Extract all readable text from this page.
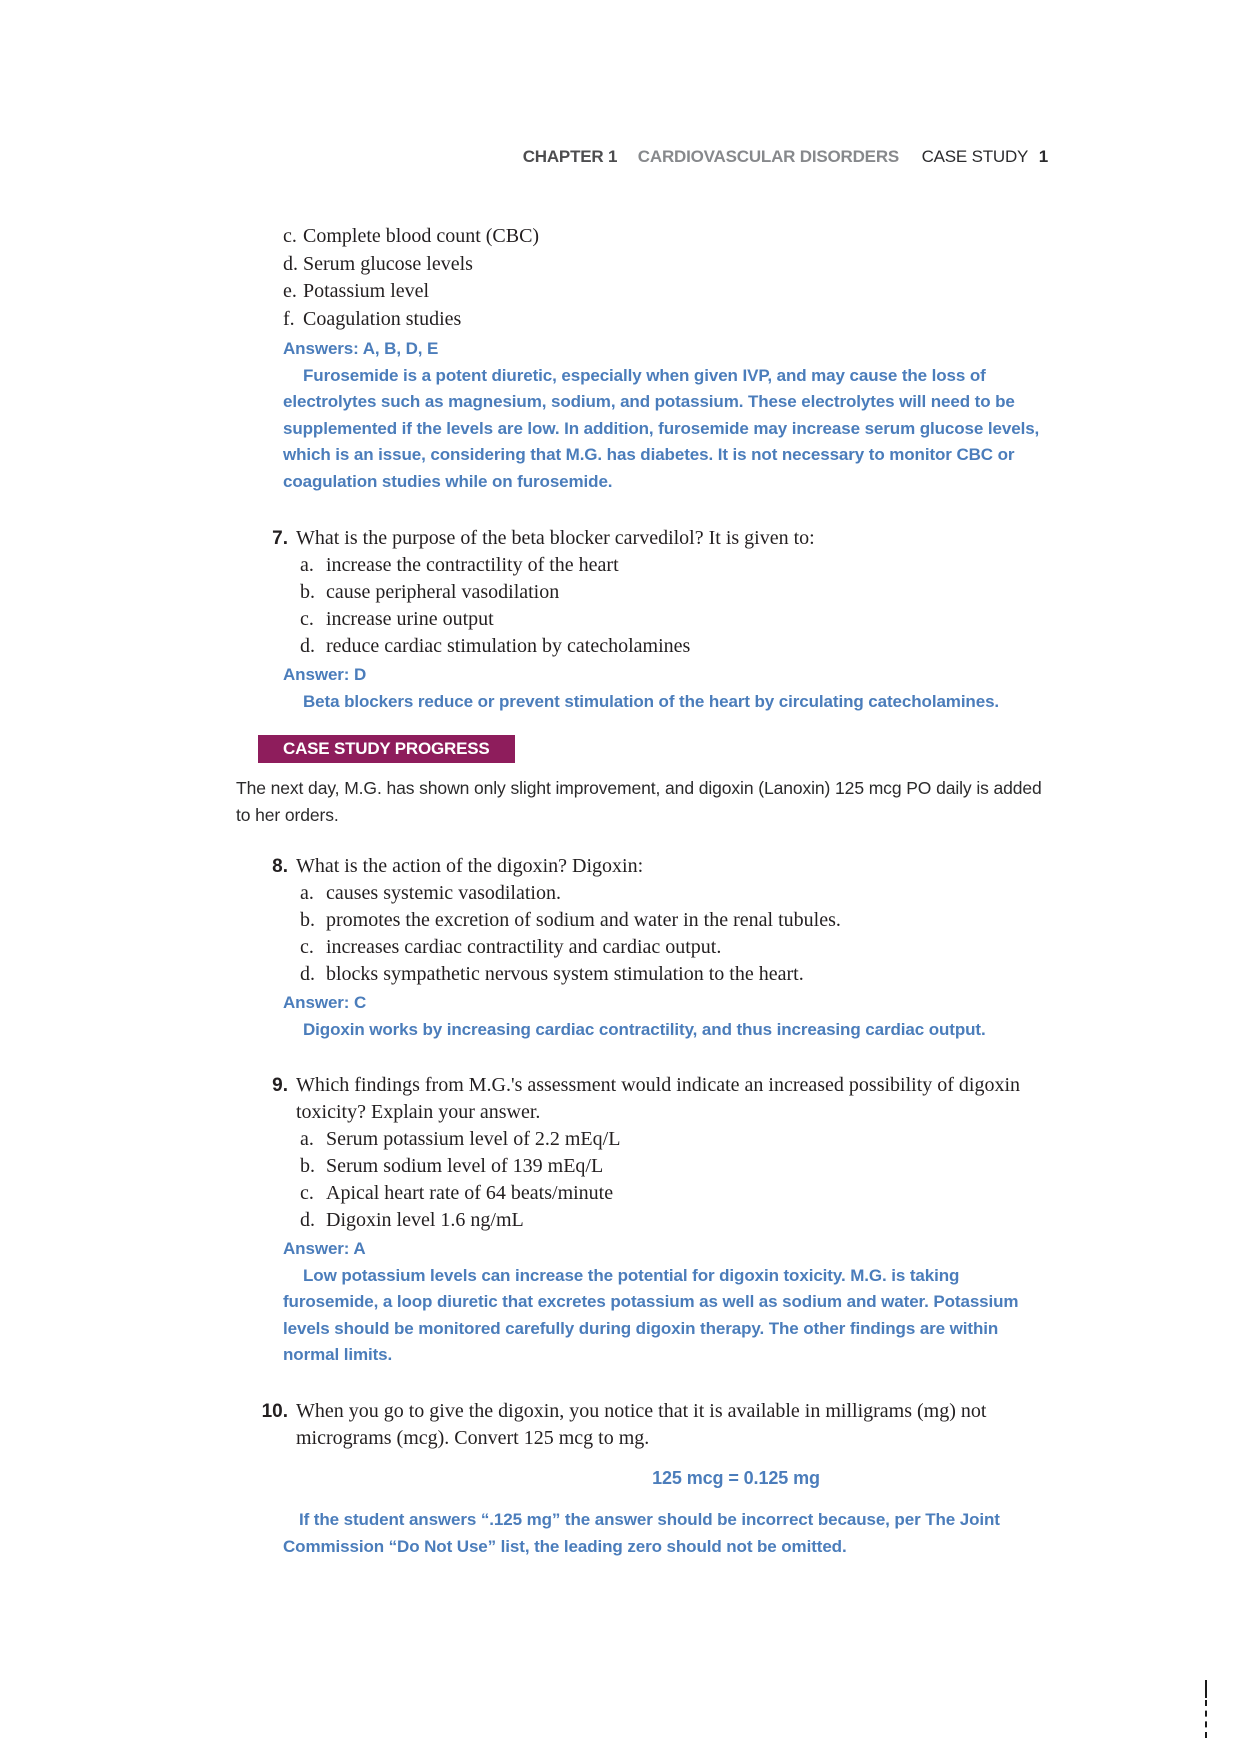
CHAPTER 1 CARDIOVASCULAR DISORDERS CASE STUDY 1
c. Complete blood count (CBC)
d. Serum glucose levels
e. Potassium level
f. Coagulation studies
Answers: A, B, D, E
Furosemide is a potent diuretic, especially when given IVP, and may cause the loss of electrolytes such as magnesium, sodium, and potassium. These electrolytes will need to be supplemented if the levels are low. In addition, furosemide may increase serum glucose levels, which is an issue, considering that M.G. has diabetes. It is not necessary to monitor CBC or coagulation studies while on furosemide.
7. What is the purpose of the beta blocker carvedilol? It is given to:
a. increase the contractility of the heart
b. cause peripheral vasodilation
c. increase urine output
d. reduce cardiac stimulation by catecholamines
Answer: D
Beta blockers reduce or prevent stimulation of the heart by circulating catecholamines.
CASE STUDY PROGRESS
The next day, M.G. has shown only slight improvement, and digoxin (Lanoxin) 125 mcg PO daily is added to her orders.
8. What is the action of the digoxin? Digoxin:
a. causes systemic vasodilation.
b. promotes the excretion of sodium and water in the renal tubules.
c. increases cardiac contractility and cardiac output.
d. blocks sympathetic nervous system stimulation to the heart.
Answer: C
Digoxin works by increasing cardiac contractility, and thus increasing cardiac output.
9. Which findings from M.G.'s assessment would indicate an increased possibility of digoxin toxicity? Explain your answer.
a. Serum potassium level of 2.2 mEq/L
b. Serum sodium level of 139 mEq/L
c. Apical heart rate of 64 beats/minute
d. Digoxin level 1.6 ng/mL
Answer: A
Low potassium levels can increase the potential for digoxin toxicity. M.G. is taking furosemide, a loop diuretic that excretes potassium as well as sodium and water. Potassium levels should be monitored carefully during digoxin therapy. The other findings are within normal limits.
10. When you go to give the digoxin, you notice that it is available in milligrams (mg) not micrograms (mcg). Convert 125 mcg to mg.
125 mcg = 0.125 mg
If the student answers “.125 mg” the answer should be incorrect because, per The Joint Commission “Do Not Use” list, the leading zero should not be omitted.
